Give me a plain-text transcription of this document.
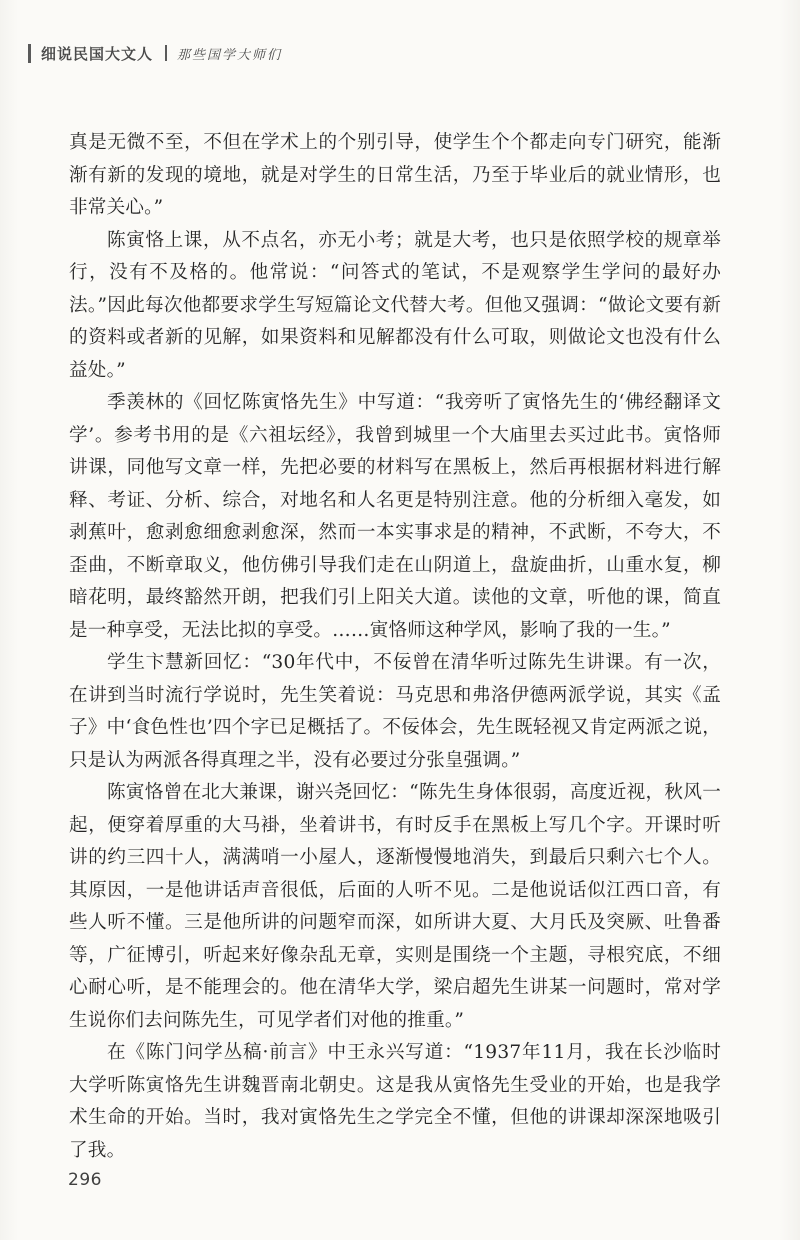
细说民国大文人 那些国学大师们

真是无微不至，不但在学术上的个别引导，使学生个个都走向专门研究，能渐渐有新的发现的境地，就是对学生的日常生活，乃至于毕业后的就业情形，也非常关心。”

陈寅恪上课，从不点名，亦无小考；就是大考，也只是依照学校的规章举行，没有不及格的。他常说：“问答式的笔试，不是观察学生学问的最好办法。”因此每次他都要求学生写短篇论文代替大考。但他又强调：“做论文要有新的资料或者新的见解，如果资料和见解都没有什么可取，则做论文也没有什么益处。”

季羡林的《回忆陈寅恪先生》中写道：“我旁听了寅恪先生的‘佛经翻译文学’。参考书用的是《六祖坛经》，我曾到城里一个大庙里去买过此书。寅恪师讲课，同他写文章一样，先把必要的材料写在黑板上，然后再根据材料进行解释、考证、分析、综合，对地名和人名更是特别注意。他的分析细入毫发，如剥蕉叶，愈剥愈细愈剥愈深，然而一本实事求是的精神，不武断，不夸大，不歪曲，不断章取义，他仿佛引导我们走在山阴道上，盘旋曲折，山重水复，柳暗花明，最终豁然开朗，把我们引上阳关大道。读他的文章，听他的课，简直是一种享受，无法比拟的享受。……寅恪师这种学风，影响了我的一生。”

学生卞慧新回忆：“30年代中，不佞曾在清华听过陈先生讲课。有一次，在讲到当时流行学说时，先生笑着说：马克思和弗洛伊德两派学说，其实《孟子》中‘食色性也’四个字已足概括了。不佞体会，先生既轻视又肯定两派之说，只是认为两派各得真理之半，没有必要过分张皇强调。”

陈寅恪曾在北大兼课，谢兴尧回忆：“陈先生身体很弱，高度近视，秋风一起，便穿着厚重的大马褂，坐着讲书，有时反手在黑板上写几个字。开课时听讲的约三四十人，满满哨一小屋人，逐渐慢慢地消失，到最后只剩六七个人。其原因，一是他讲话声音很低，后面的人听不见。二是他说话似江西口音，有些人听不懂。三是他所讲的问题窄而深，如所讲大夏、大月氏及突厥、吐鲁番等，广征博引，听起来好像杂乱无章，实则是围绕一个主题，寻根究底，不细心耐心听，是不能理会的。他在清华大学，梁启超先生讲某一问题时，常对学生说你们去问陈先生，可见学者们对他的推重。”

在《陈门问学丛稿·前言》中王永兴写道：“1937年11月，我在长沙临时大学听陈寅恪先生讲魏晋南北朝史。这是我从寅恪先生受业的开始，也是我学术生命的开始。当时，我对寅恪先生之学完全不懂，但他的讲课却深深地吸引了我。

296
